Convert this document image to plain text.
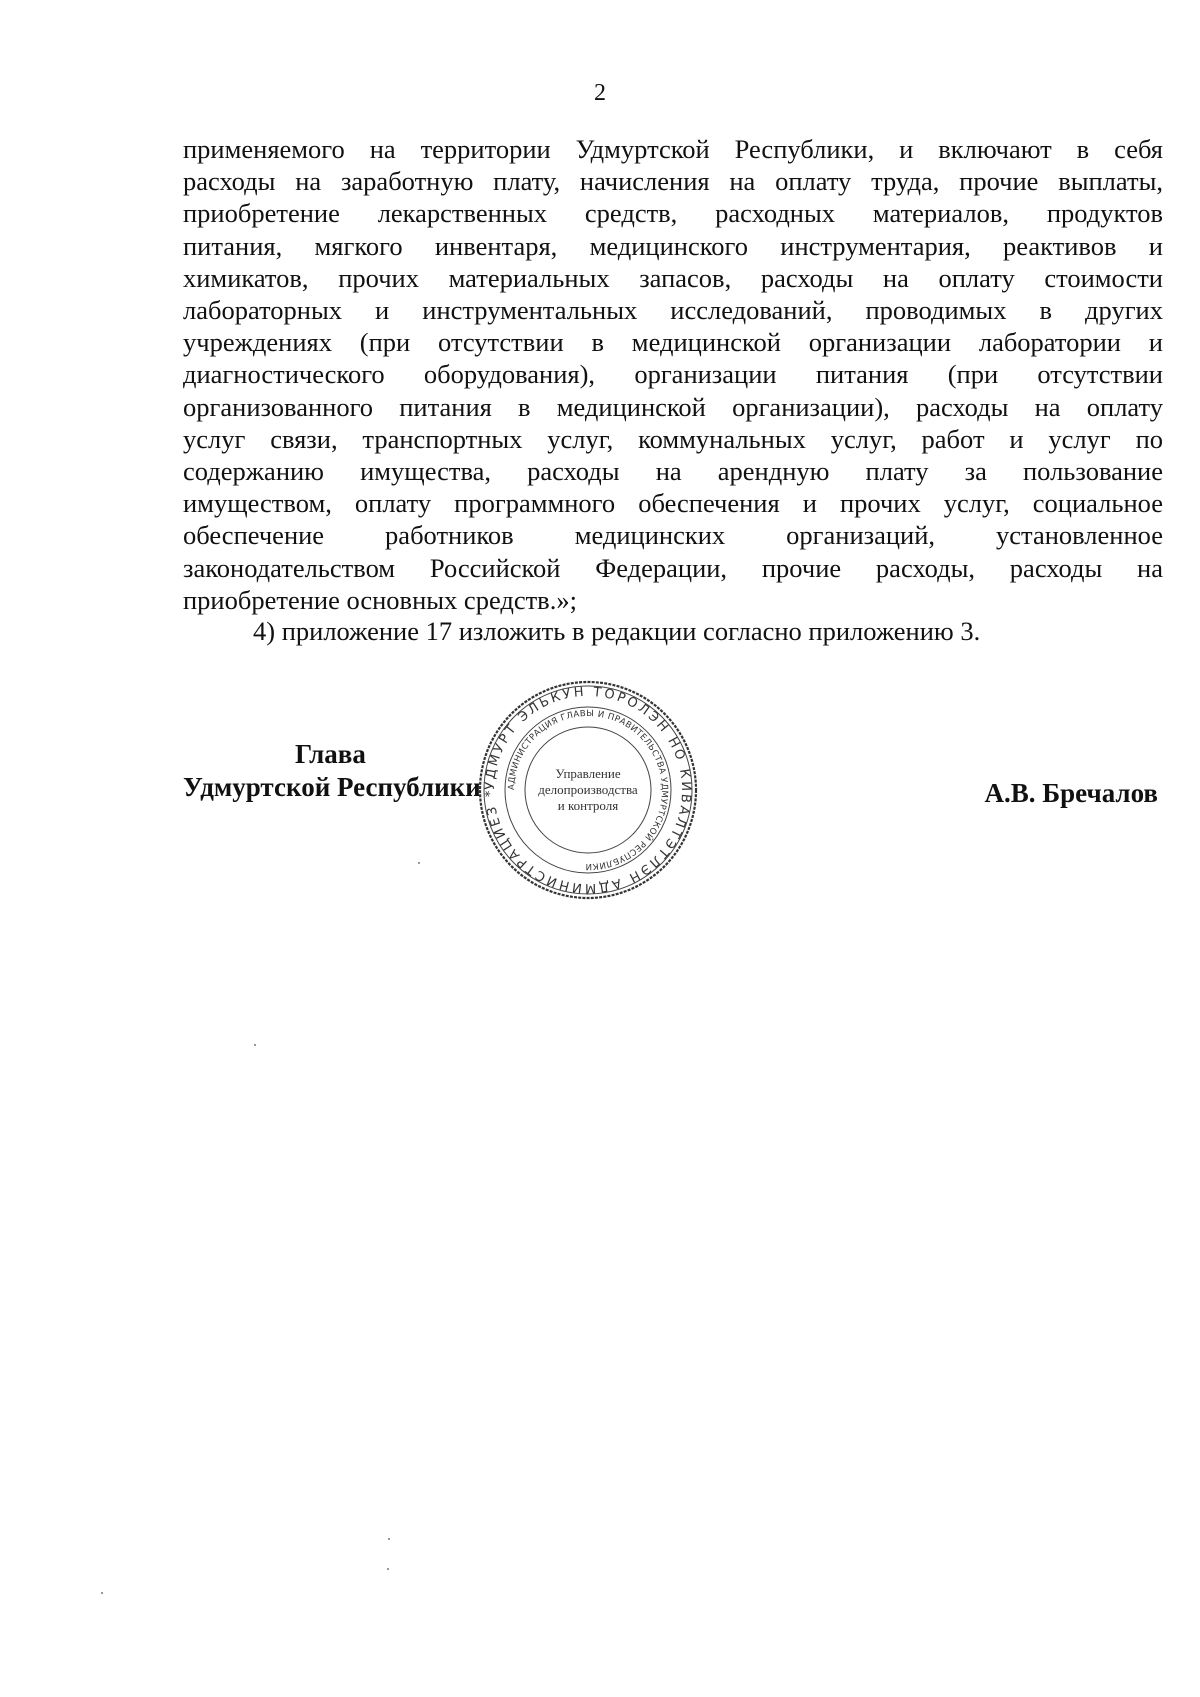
2
применяемого на территории Удмуртской Республики, и включают в себя
расходы на заработную плату, начисления на оплату труда, прочие выплаты,
приобретение лекарственных средств, расходных материалов, продуктов
питания, мягкого инвентаря, медицинского инструментария, реактивов и
химикатов, прочих материальных запасов, расходы на оплату стоимости
лабораторных и инструментальных исследований, проводимых в других
учреждениях (при отсутствии в медицинской организации лаборатории и
диагностического оборудования), организации питания (при отсутствии
организованного питания в медицинской организации), расходы на оплату
услуг связи, транспортных услуг, коммунальных услуг, работ и услуг по
содержанию имущества, расходы на арендную плату за пользование
имуществом, оплату программного обеспечения и прочих услуг, социальное
обеспечение работников медицинских организаций, установленное
законодательством Российской Федерации, прочие расходы, расходы на
приобретение основных средств.»;
4) приложение 17 изложить в редакции согласно приложению 3.
Глава
Удмуртской Республики	А.В. Бречалов
УДМУРТ ЭЛЬКУН ТОРОЛЭН НО КИВАЛТЭТЛЭН АДМИНИСТРАЦИЕЗ *
АДМИНИСТРАЦИЯ ГЛАВЫ И ПРАВИТЕЛЬСТВА УДМУРТСКОЙ РЕСПУБЛИКИ
Управление
делопроизводства
и контроля
